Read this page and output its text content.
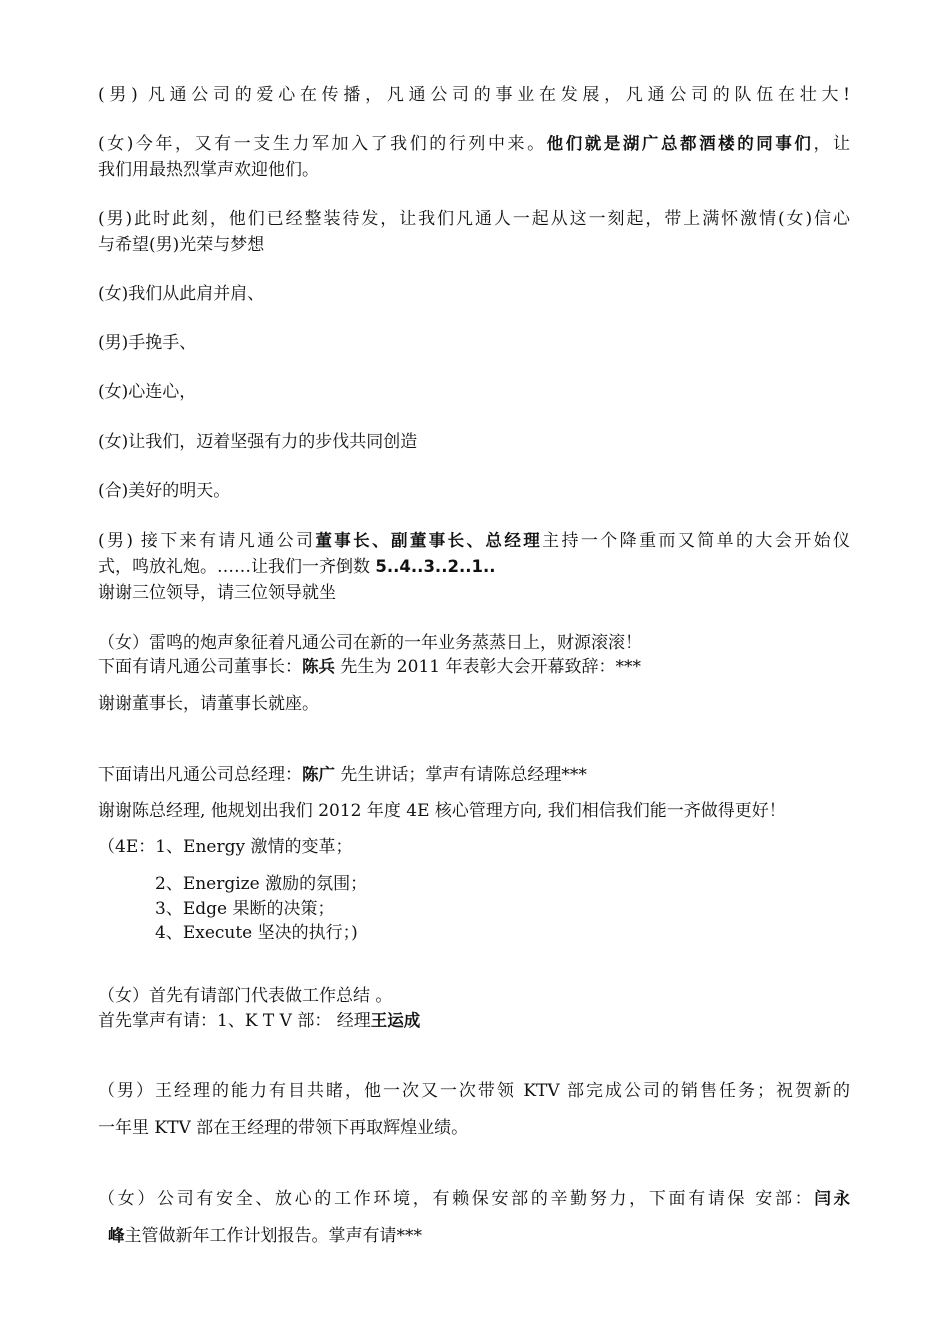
(男) 凡通公司的爱心在传播，凡通公司的事业在发展，凡通公司的队伍在壮大!
(女)今年，又有一支生力军加入了我们的行列中来。他们就是湖广总都酒楼的同事们，让
我们用最热烈掌声欢迎他们。
(男)此时此刻，他们已经整装待发，让我们凡通人一起从这一刻起，带上满怀激情(女)信心
与希望(男)光荣与梦想
(女)我们从此肩并肩、
(男)手挽手、
(女)心连心，
(女)让我们，迈着坚强有力的步伐共同创造
(合)美好的明天。
(男) 接下来有请凡通公司董事长、副董事长、总经理主持一个降重而又简单的大会开始仪
式，鸣放礼炮。……让我们一齐倒数 5..4..3..2..1..
谢谢三位领导，请三位领导就坐
（女）雷鸣的炮声象征着凡通公司在新的一年业务蒸蒸日上，财源滚滚！
下面有请凡通公司董事长：陈兵 先生为 2011 年表彰大会开幕致辞：***
谢谢董事长，请董事长就座。
下面请出凡通公司总经理：陈广 先生讲话；掌声有请陈总经理***
谢谢陈总经理, 他规划出我们 2012 年度 4E 核心管理方向, 我们相信我们能一齐做得更好！
（4E：1、Energy 激情的变革；
2、Energize 激励的氛围；
3、Edge 果断的决策；
4、Execute 坚决的执行；)
（女）首先有请部门代表做工作总结 。
首先掌声有请：1、K T V 部： 经理王运成
（男）王经理的能力有目共睹，他一次又一次带领 KTV 部完成公司的销售任务；祝贺新的
一年里 KTV 部在王经理的带领下再取辉煌业绩。
（女）公司有安全、放心的工作环境，有赖保安部的辛勤努力，下面有请保 安部：闫永
峰主管做新年工作计划报告。掌声有请***
